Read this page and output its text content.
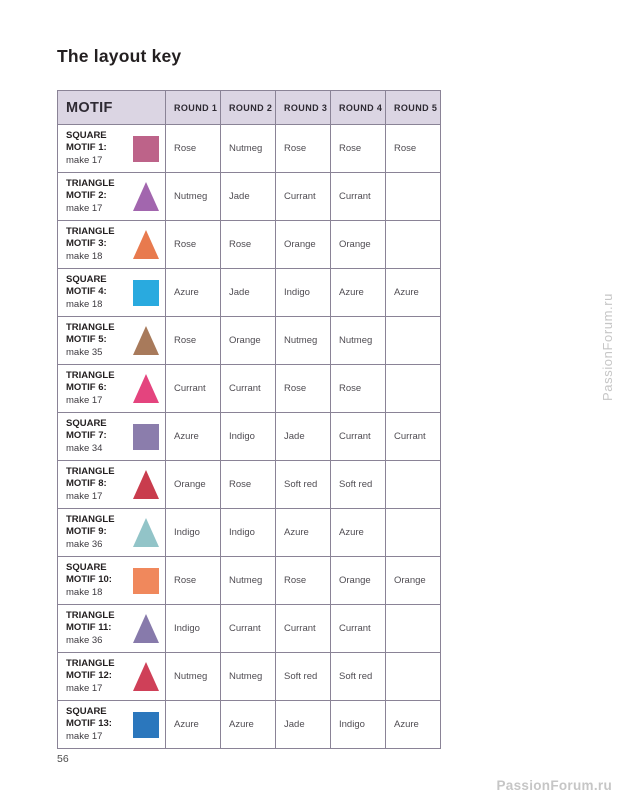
The layout key
MOTIF	ROUND 1	ROUND 2	ROUND 3	ROUND 4	ROUND 5

SQUARE
MOTIF 1:
make 17	Rose	Nutmeg	Rose	Rose	Rose

TRIANGLE
MOTIF 2:
make 17	Nutmeg	Jade	Currant	Currant	

TRIANGLE
MOTIF 3:
make 18	Rose	Rose	Orange	Orange	

SQUARE
MOTIF 4:
make 18	Azure	Jade	Indigo	Azure	Azure

TRIANGLE
MOTIF 5:
make 35	Rose	Orange	Nutmeg	Nutmeg	

TRIANGLE
MOTIF 6:
make 17	Currant	Currant	Rose	Rose	

SQUARE
MOTIF 7:
make 34	Azure	Indigo	Jade	Currant	Currant

TRIANGLE
MOTIF 8:
make 17	Orange	Rose	Soft red	Soft red	

TRIANGLE
MOTIF 9:
make 36	Indigo	Indigo	Azure	Azure	

SQUARE
MOTIF 10:
make 18	Rose	Nutmeg	Rose	Orange	Orange

TRIANGLE
MOTIF 11:
make 36	Indigo	Currant	Currant	Currant	

TRIANGLE
MOTIF 12:
make 17	Nutmeg	Nutmeg	Soft red	Soft red	

SQUARE
MOTIF 13:
make 17	Azure	Azure	Jade	Indigo	Azure
56
PassionForum.ru
PassionForum.ru
